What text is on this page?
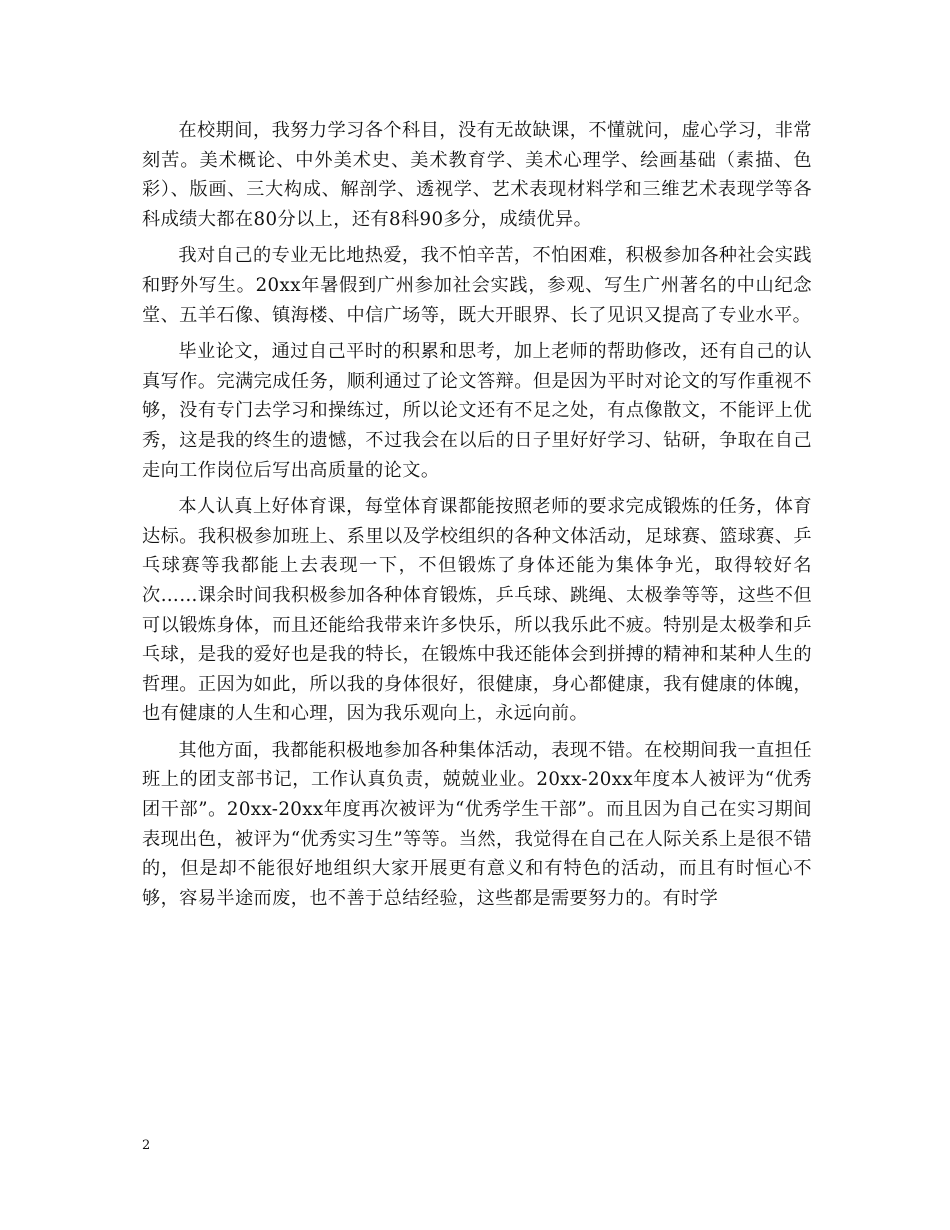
在校期间，我努力学习各个科目，没有无故缺课，不懂就问，虚心学习，非常刻苦。美术概论、中外美术史、美术教育学、美术心理学、绘画基础（素描、色彩）、版画、三大构成、解剖学、透视学、艺术表现材料学和三维艺术表现学等各科成绩大都在80分以上，还有8科90多分，成绩优异。

我对自己的专业无比地热爱，我不怕辛苦，不怕困难，积极参加各种社会实践和野外写生。20xx年暑假到广州参加社会实践，参观、写生广州著名的中山纪念堂、五羊石像、镇海楼、中信广场等，既大开眼界、长了见识又提高了专业水平。

毕业论文，通过自己平时的积累和思考，加上老师的帮助修改，还有自己的认真写作。完满完成任务，顺利通过了论文答辩。但是因为平时对论文的写作重视不够，没有专门去学习和操练过，所以论文还有不足之处，有点像散文，不能评上优秀，这是我的终生的遗憾，不过我会在以后的日子里好好学习、钻研，争取在自己走向工作岗位后写出高质量的论文。

本人认真上好体育课，每堂体育课都能按照老师的要求完成锻炼的任务，体育达标。我积极参加班上、系里以及学校组织的各种文体活动，足球赛、篮球赛、乒乓球赛等我都能上去表现一下，不但锻炼了身体还能为集体争光，取得较好名次……课余时间我积极参加各种体育锻炼，乒乓球、跳绳、太极拳等等，这些不但可以锻炼身体，而且还能给我带来许多快乐，所以我乐此不疲。特别是太极拳和乒乓球，是我的爱好也是我的特长，在锻炼中我还能体会到拼搏的精神和某种人生的哲理。正因为如此，所以我的身体很好，很健康，身心都健康，我有健康的体魄，也有健康的人生和心理，因为我乐观向上，永远向前。

其他方面，我都能积极地参加各种集体活动，表现不错。在校期间我一直担任班上的团支部书记，工作认真负责，兢兢业业。20xx-20xx年度本人被评为“优秀团干部”。20xx-20xx年度再次被评为“优秀学生干部”。而且因为自己在实习期间表现出色，被评为“优秀实习生”等等。当然，我觉得在自己在人际关系上是很不错的，但是却不能很好地组织大家开展更有意义和有特色的活动，而且有时恒心不够，容易半途而废，也不善于总结经验，这些都是需要努力的。有时学

2
